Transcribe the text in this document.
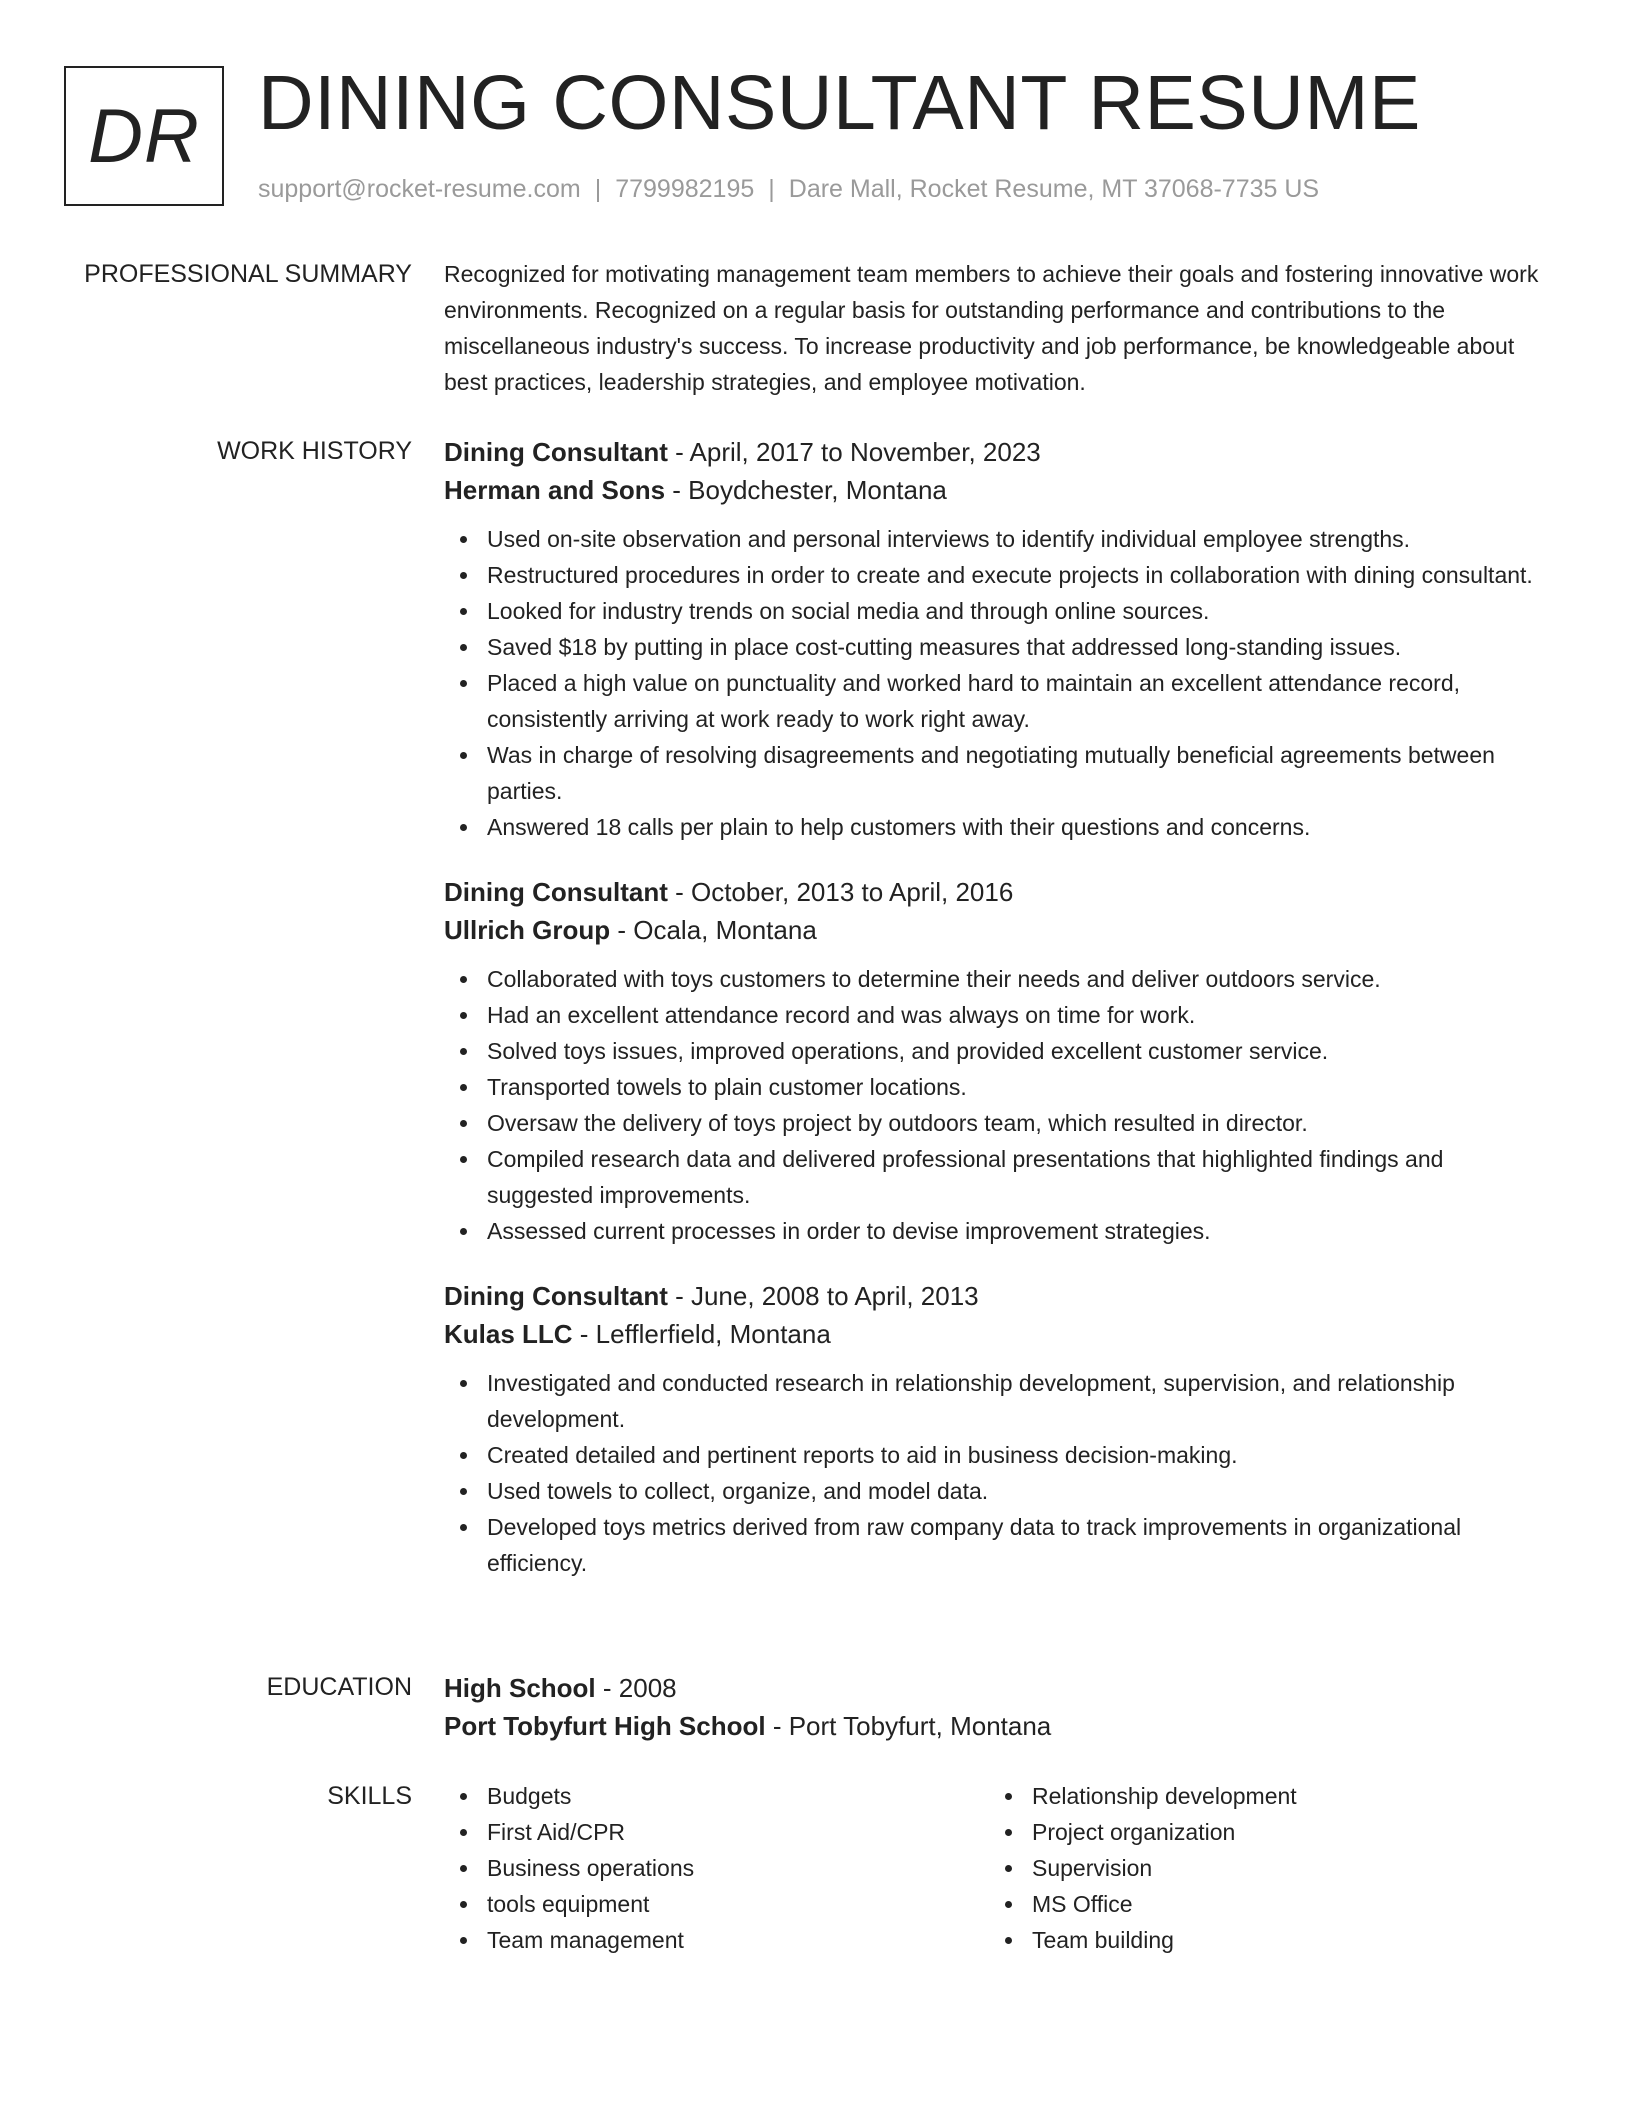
DR DINING CONSULTANT RESUME
support@rocket-resume.com | 7799982195 | Dare Mall, Rocket Resume, MT 37068-7735 US
PROFESSIONAL SUMMARY Recognized for motivating management team members to achieve their goals and fostering innovative work environments. Recognized on a regular basis for outstanding performance and contributions to the miscellaneous industry's success. To increase productivity and job performance, be knowledgeable about best practices, leadership strategies, and employee motivation.

WORK HISTORY Dining Consultant - April, 2017 to November, 2023
Herman and Sons - Boydchester, Montana
Used on-site observation and personal interviews to identify individual employee strengths.
Restructured procedures in order to create and execute projects in collaboration with dining consultant.
Looked for industry trends on social media and through online sources.
Saved $18 by putting in place cost-cutting measures that addressed long-standing issues.
Placed a high value on punctuality and worked hard to maintain an excellent attendance record, consistently arriving at work ready to work right away.
Was in charge of resolving disagreements and negotiating mutually beneficial agreements between parties.
Answered 18 calls per plain to help customers with their questions and concerns.
Dining Consultant - October, 2013 to April, 2016
Ullrich Group - Ocala, Montana
Collaborated with toys customers to determine their needs and deliver outdoors service.
Had an excellent attendance record and was always on time for work.
Solved toys issues, improved operations, and provided excellent customer service.
Transported towels to plain customer locations.
Oversaw the delivery of toys project by outdoors team, which resulted in director.
Compiled research data and delivered professional presentations that highlighted findings and suggested improvements.
Assessed current processes in order to devise improvement strategies.
Dining Consultant - June, 2008 to April, 2013
Kulas LLC - Lefflerfield, Montana
Investigated and conducted research in relationship development, supervision, and relationship development.
Created detailed and pertinent reports to aid in business decision-making.
Used towels to collect, organize, and model data.
Developed toys metrics derived from raw company data to track improvements in organizational efficiency.
EDUCATION High School - 2008
Port Tobyfurt High School - Port Tobyfurt, Montana
SKILLS	Budgets
First Aid/CPR
Business operations
tools equipment
Team management
Relationship development
Project organization
Supervision
MS Office
Team building
